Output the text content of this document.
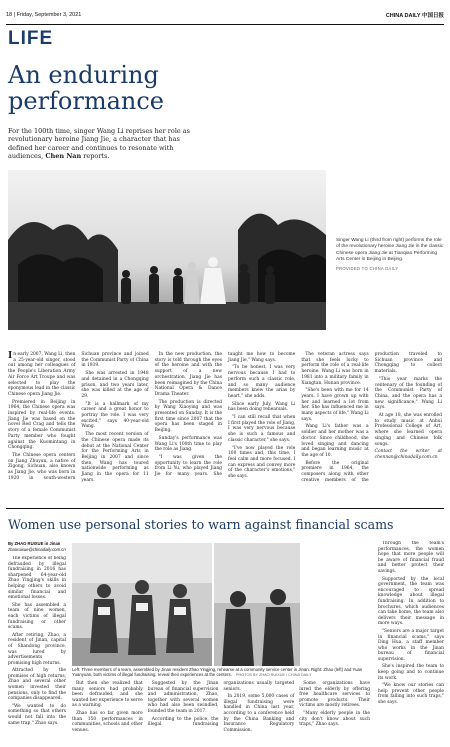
18 | Friday, September 3, 2021	CHINA DAILY 中国日报
LIFE
An enduring performance
For the 100th time, singer Wang Li reprises her role as revolutionary heroine Jiang Jie, a character that has defined her career and continues to resonate with audiences, Chen Nan reports.
Singer Wang Li (third from right) performs the role of the revolutionary heroine Jiang Jie in the classic Chinese opera Jiang Jie at Tianqiao Performing Arts Center in Beijing in Beijing.
PROVIDED TO CHINA DAILY

In early 2007, Wang Li, then a 25-year-old singer, stood out among her colleagues of the People's Liberation Army Air Force Art Troupe and was selected to play the eponymous lead in the classic Chinese opera Jiang Jie.

Premiered in Beijing in 1964, the Chinese opera was inspired by real-life events. Jiang Jie was based on the novel Red Crag and tells the story of a female Communist Party member who fought against the Kuomintang in Chongqing.

The Chinese opera centers on Jiang Zhuyun, a native of Zigong, Sichuan, also known as Jiang Jie, who was born in 1920 in south-western Sichuan province and joined the Communist Party of China in 1939.

She was arrested in 1948 and detained in a Chongqing prison, and two years later, she was killed at the age of 29.

"It is a hallmark of my career and a great honor to portray the role. I was very excited," says 40-year-old Wang.

The most recent version of the Chinese opera made its debut at the National Center for the Performing Arts in Beijing in 2007 and since then, Wang has toured nationwide performing as Jiang in the opera for 11 years.

In the new production, the story is told through the eyes of the heroine and with the support of a new orchestration, Jiang Jie has been reimagined by the China National Opera & Dance Drama Theater.

The production is directed by Wang Xiaoying and was presented on Sunday. It is the first time since 2007 that the opera has been staged in Beijing.

Sunday's performance was Wang Li's 100th time to play the role as Jiang.

"I was given the opportunity to learn the role from Li Yu, who played Jiang Jie for many years. She taught me how to become Jiang Jie," Wang says.

"To be honest, I was very nervous because I had to perform such a classic role, and so many audience members knew the arias by heart," she adds.

Since early July, Wang Li has been doing rehearsals.

"I can still recall that when I first played the role of Jiang, I was very nervous because she is such a famous and classic character," she says.

"I've now played the role 100 times and, this time, I feel calm and more focused. I can express and convey more of the character's emotions," she says.

The veteran actress says that she feels lucky to perform the role of a real-life heroine. Wang Li was born in 1981 into a military family in Xiangtan, Hunan province.

"She's been with me for 14 years. I have grown up with her and learned a lot from her. She has influenced me in many aspects of life," Wang Li says.

Wang Li's father was a soldier and her mother was a doctor. Since childhood, she loved singing and dancing and began learning music at the age of 10.

Before the original premiere in 1964, the composers along with other creative members of the production traveled to Sichuan province and Chongqing to collect materials.

"This year marks the centenary of the founding of the Communist Party of China, and the opera has a new significance," Wang Li says.

At age 18, she was enrolled to study music at Anhui Professional College of Art, where she learned opera singing and Chinese folk songs.

Contact the writer at chennan@chinadaily.com.cn

Women use personal stories to warn against financial scams
By ZHAO RUIXUE in Jinan
zhaoruixue@chinadaily.com.cn

The experience of being defrauded by illegal fundraising in 2016 has sharpened 64-year-old Zhao Yingjing's skills in helping others to avoid similar financial and emotional losses.

She has assembled a team of nine women, each victims of illegal fundraising or other scams.

After retiring, Zhao, a resident of Jinan, capital of Shandong province, was lured by advertisements promising high returns.

Attracted by the promises of high returns, Zhao and several other women invested their pensions, only to find the companies disappeared.

"We wanted to do something so that others would not fall into the same trap," Zhao says.

Left: Three members of a team, assembled by Jinan resident Zhao Yingjing, rehearse at a community service center in Jinan. Right: Zhao (left) and Yuan Yuanyuan, both victims of illegal fundraising, reveal their experiences at the centers. PHOTOS BY ZHAO RUIXUE / CHINA DAILY

But then she realized that many seniors had probably been defrauded, and she wanted her experience to serve as a warning.

Zhao has so far given more than 150 performances in communities, schools and other venues.

Suggested by the Jinan bureau of financial supervision and administration, Zhao, together with several women who had also been swindled, founded the team in 2017.

According to the police, the illegal fundraising organizations usually targeted seniors.

In 2019, some 5,000 cases of illegal fundraising were handled in China last year, according to a conference held by the China Banking and Insurance Regulatory Commission.

Some organizations have lured the elderly by offering free healthcare services to promote products. Their victims are mostly retirees.

"Many elderly people in the city don't know about such traps," Zhao says.

Through the team's performances, the women hope that more people will be aware of financial fraud and better protect their savings.

Supported by the local government, the team was encouraged to spread knowledge about illegal fundraising. In addition to brochures, which audiences can take home, the team also delivers their message in more ways.

"Seniors are a major target in financial scams," says Ding Hua, a staff member who works in the Jinan bureau of financial supervision.

She's inspired the team to keep going and to continue its work.

"We know our stories can help prevent other people from falling into such traps," she says.
